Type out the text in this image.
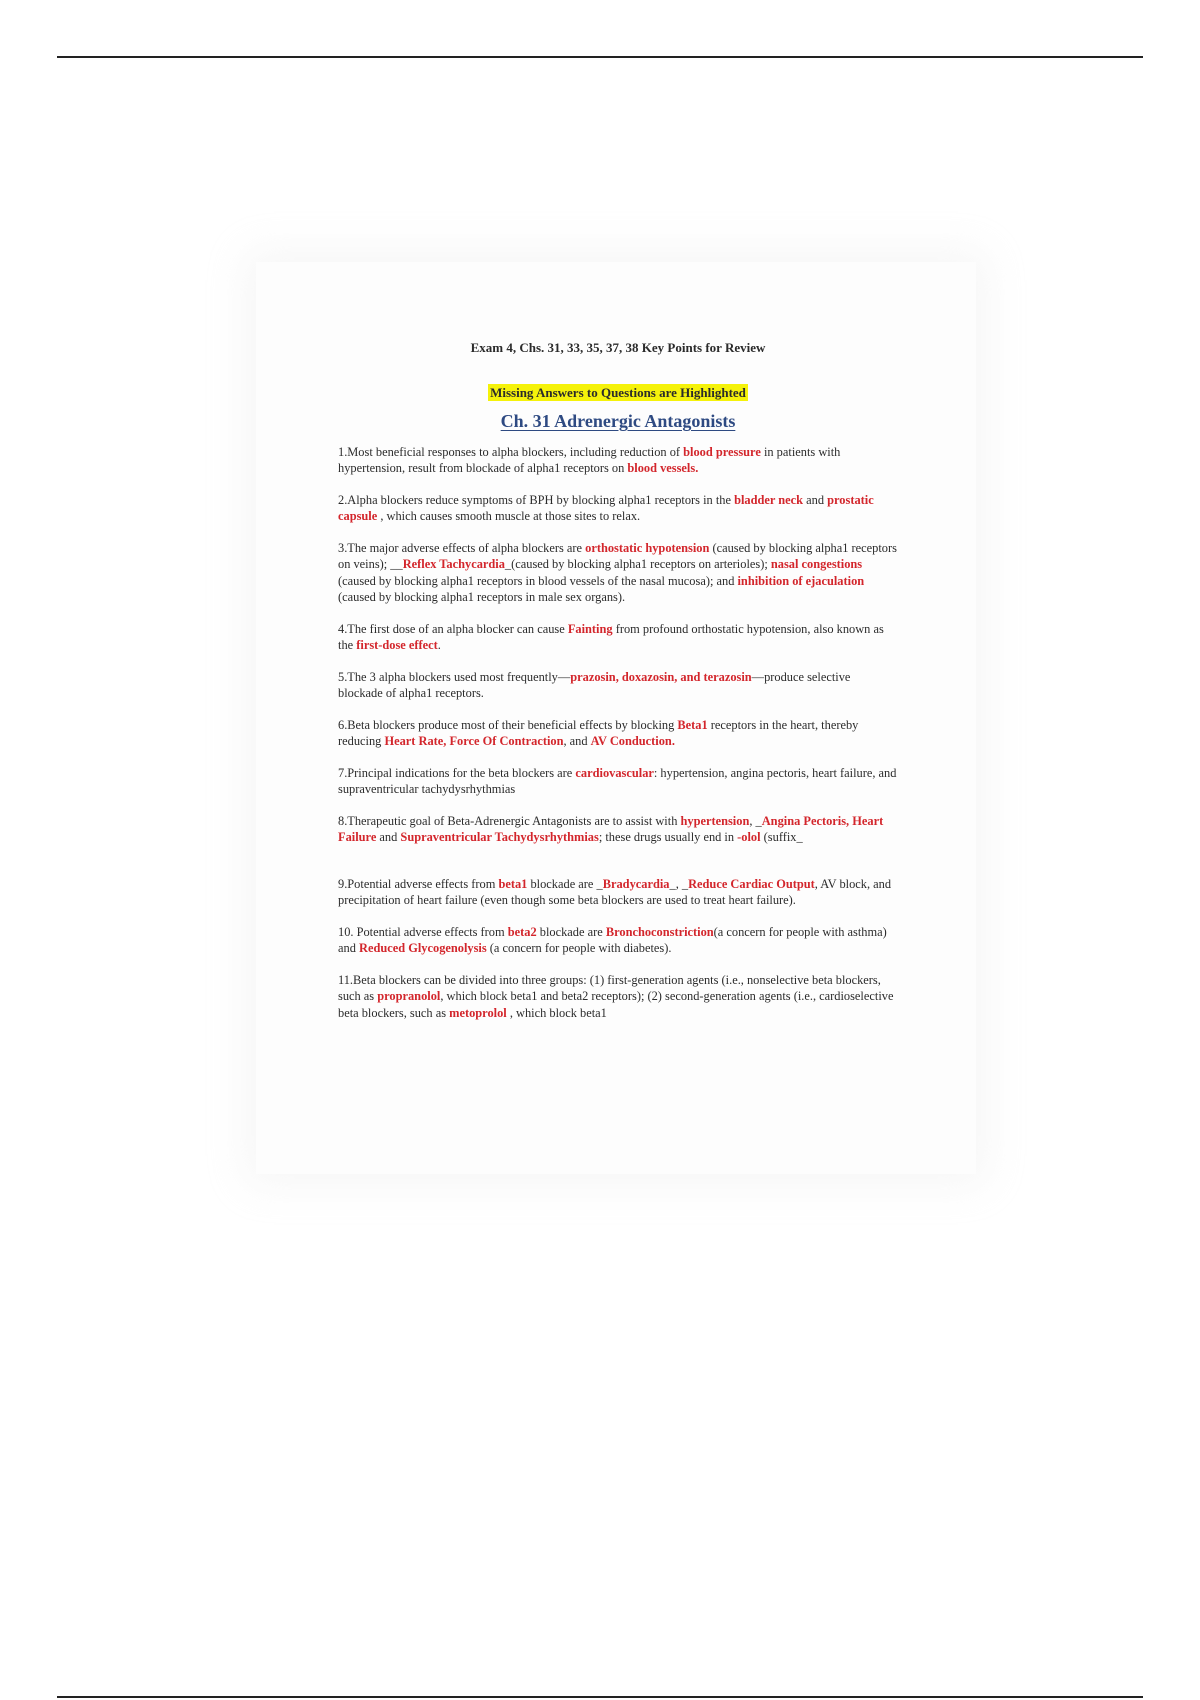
Exam 4, Chs. 31, 33, 35, 37, 38 Key Points for Review
Missing Answers to Questions are Highlighted
Ch. 31 Adrenergic Antagonists
1.Most beneficial responses to alpha blockers, including reduction of blood pressure in patients with hypertension, result from blockade of alpha1 receptors on blood vessels.
2.Alpha blockers reduce symptoms of BPH by blocking alpha1 receptors in the bladder neck and prostatic capsule , which causes smooth muscle at those sites to relax.
3.The major adverse effects of alpha blockers are orthostatic hypotension (caused by blocking alpha1 receptors on veins); __Reflex Tachycardia_(caused by blocking alpha1 receptors on arterioles); nasal congestions (caused by blocking alpha1 receptors in blood vessels of the nasal mucosa); and inhibition of ejaculation (caused by blocking alpha1 receptors in male sex organs).
4.The first dose of an alpha blocker can cause Fainting from profound orthostatic hypotension, also known as the first-dose effect.
5.The 3 alpha blockers used most frequently—prazosin, doxazosin, and terazosin—produce selective blockade of alpha1 receptors.
6.Beta blockers produce most of their beneficial effects by blocking Beta1 receptors in the heart, thereby reducing Heart Rate, Force Of Contraction, and AV Conduction.
7.Principal indications for the beta blockers are cardiovascular: hypertension, angina pectoris, heart failure, and supraventricular tachydysrhythmias
8.Therapeutic goal of Beta-Adrenergic Antagonists are to assist with hypertension, _Angina Pectoris, Heart Failure and Supraventricular Tachydysrhythmias; these drugs usually end in -olol (suffix_
9.Potential adverse effects from beta1 blockade are _Bradycardia_, _Reduce Cardiac Output, AV block, and precipitation of heart failure (even though some beta blockers are used to treat heart failure).
10. Potential adverse effects from beta2 blockade are Bronchoconstriction(a concern for people with asthma) and Reduced Glycogenolysis (a concern for people with diabetes).
11.Beta blockers can be divided into three groups: (1) first-generation agents (i.e., nonselective beta blockers, such as propranolol, which block beta1 and beta2 receptors); (2) second-generation agents (i.e., cardioselective beta blockers, such as metoprolol , which block beta1
